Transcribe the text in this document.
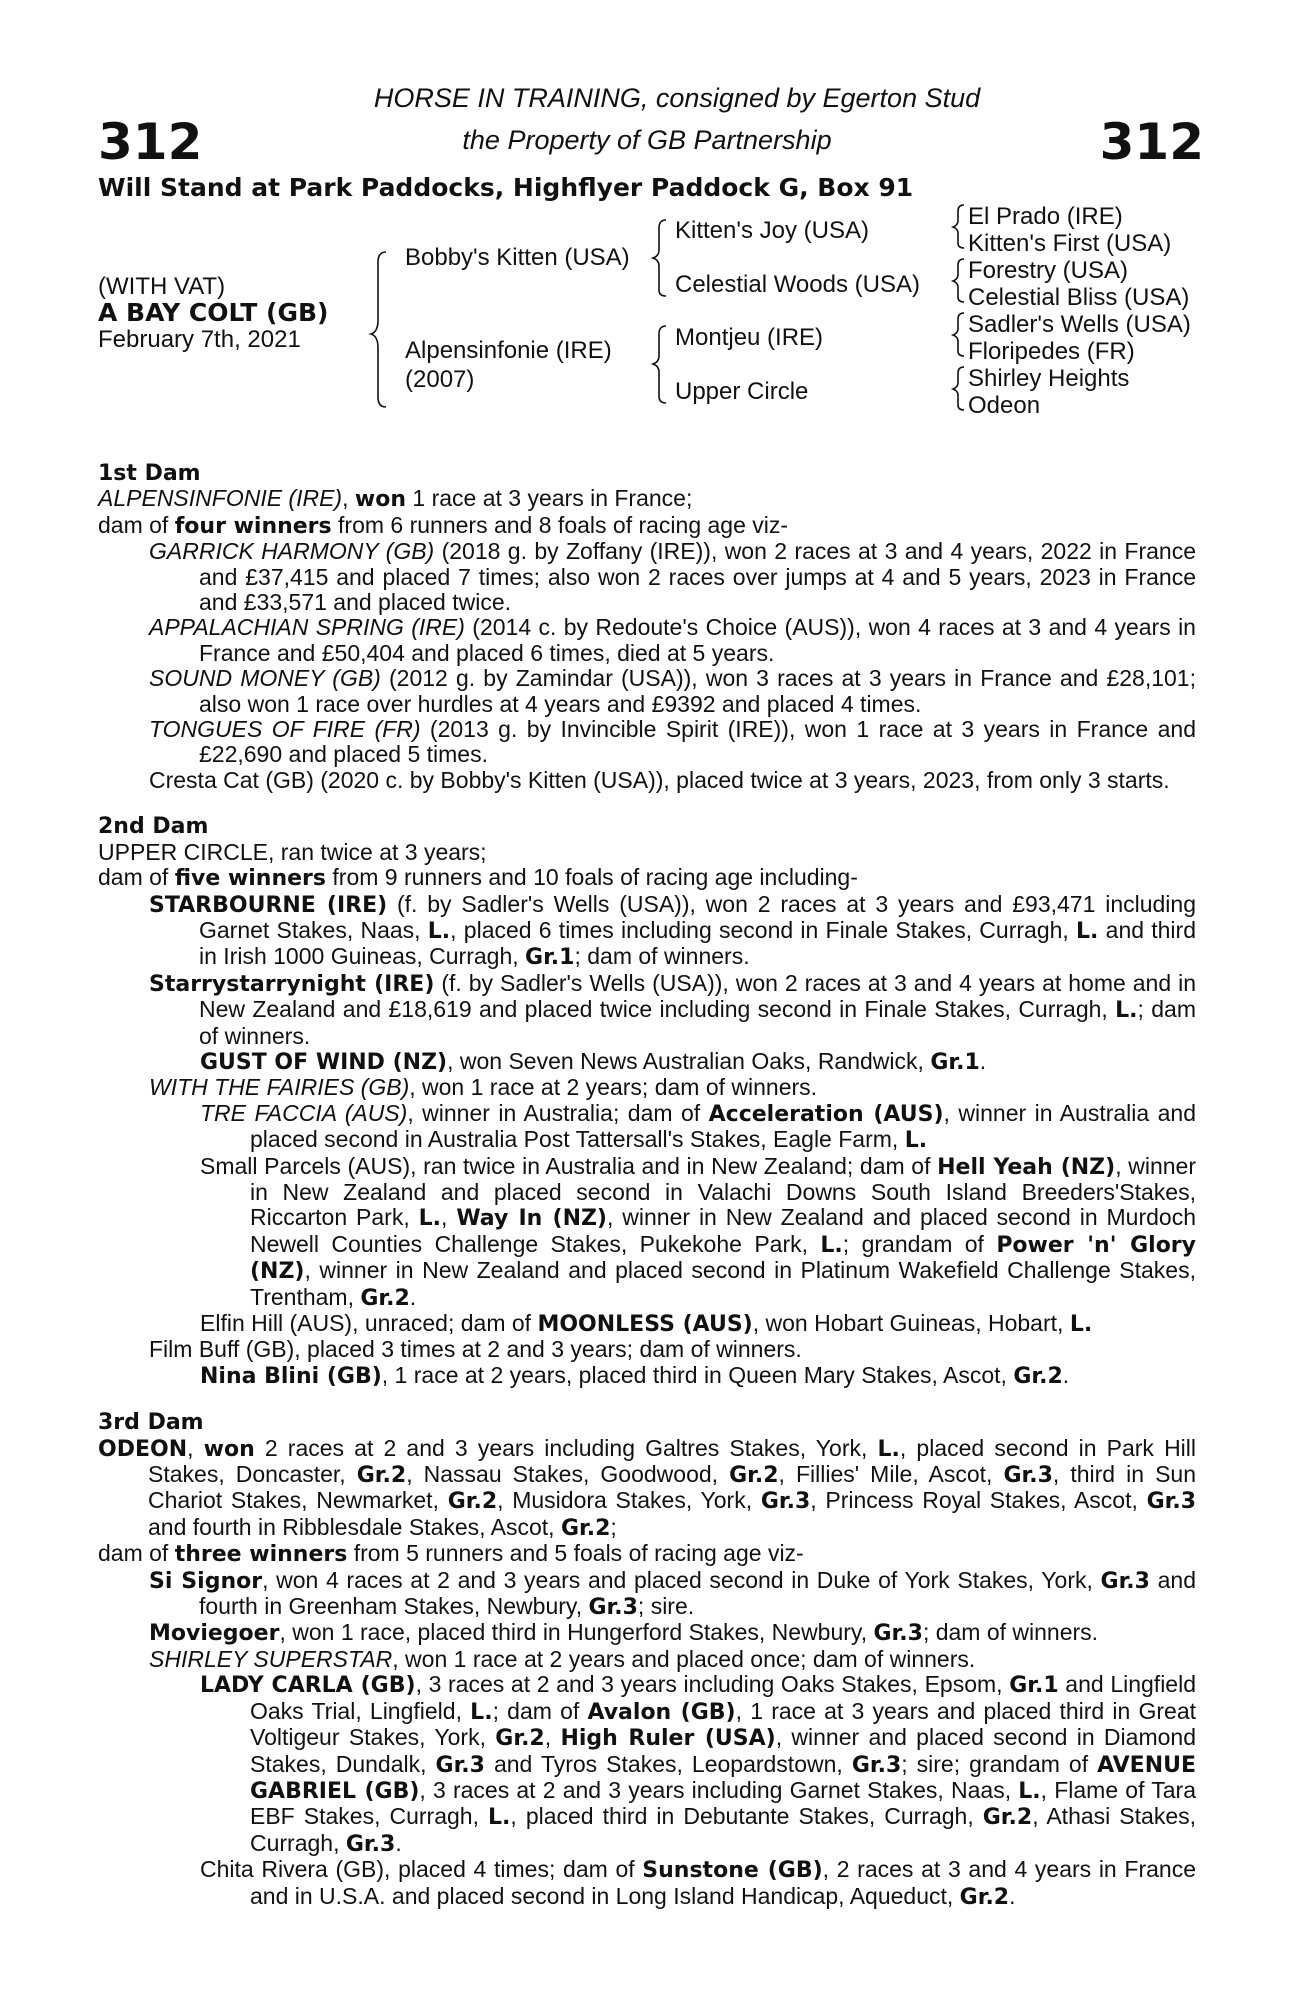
312	312
HORSE IN TRAINING, consigned by Egerton Stud
the Property of GB Partnership
Will Stand at Park Paddocks, Highflyer Paddock G, Box 91
(WITH VAT)
A BAY COLT (GB)
February 7th, 2021
Bobby's Kitten (USA)
Alpensinfonie (IRE)
(2007)
Kitten's Joy (USA)
Celestial Woods (USA)
Montjeu (IRE)
Upper Circle
El Prado (IRE)
Kitten's First (USA)
Forestry (USA)
Celestial Bliss (USA)
Sadler's Wells (USA)
Floripedes (FR)
Shirley Heights
Odeon
1st Dam
ALPENSINFONIE (IRE), won 1 race at 3 years in France;
dam of four winners from 6 runners and 8 foals of racing age viz-
GARRICK HARMONY (GB) (2018 g. by Zoffany (IRE)), won 2 races at 3 and 4 years, 2022 in France and £37,415 and placed 7 times; also won 2 races over jumps at 4 and 5 years, 2023 in France and £33,571 and placed twice.
APPALACHIAN SPRING (IRE) (2014 c. by Redoute's Choice (AUS)), won 4 races at 3 and 4 years in France and £50,404 and placed 6 times, died at 5 years.
SOUND MONEY (GB) (2012 g. by Zamindar (USA)), won 3 races at 3 years in France and £28,101; also won 1 race over hurdles at 4 years and £9392 and placed 4 times.
TONGUES OF FIRE (FR) (2013 g. by Invincible Spirit (IRE)), won 1 race at 3 years in France and £22,690 and placed 5 times.
Cresta Cat (GB) (2020 c. by Bobby's Kitten (USA)), placed twice at 3 years, 2023, from only 3 starts.
2nd Dam
UPPER CIRCLE, ran twice at 3 years;
dam of five winners from 9 runners and 10 foals of racing age including-
STARBOURNE (IRE) (f. by Sadler's Wells (USA)), won 2 races at 3 years and £93,471 including Garnet Stakes, Naas, L., placed 6 times including second in Finale Stakes, Curragh, L. and third in Irish 1000 Guineas, Curragh, Gr.1; dam of winners.
Starrystarrynight (IRE) (f. by Sadler's Wells (USA)), won 2 races at 3 and 4 years at home and in New Zealand and £18,619 and placed twice including second in Finale Stakes, Curragh, L.; dam of winners.
GUST OF WIND (NZ), won Seven News Australian Oaks, Randwick, Gr.1.
WITH THE FAIRIES (GB), won 1 race at 2 years; dam of winners.
TRE FACCIA (AUS), winner in Australia; dam of Acceleration (AUS), winner in Australia and placed second in Australia Post Tattersall's Stakes, Eagle Farm, L.
Small Parcels (AUS), ran twice in Australia and in New Zealand; dam of Hell Yeah (NZ), winner in New Zealand and placed second in Valachi Downs South Island Breeders'Stakes, Riccarton Park, L., Way In (NZ), winner in New Zealand and placed second in Murdoch Newell Counties Challenge Stakes, Pukekohe Park, L.; grandam of Power 'n' Glory (NZ), winner in New Zealand and placed second in Platinum Wakefield Challenge Stakes, Trentham, Gr.2.
Elfin Hill (AUS), unraced; dam of MOONLESS (AUS), won Hobart Guineas, Hobart, L.
Film Buff (GB), placed 3 times at 2 and 3 years; dam of winners.
Nina Blini (GB), 1 race at 2 years, placed third in Queen Mary Stakes, Ascot, Gr.2.
3rd Dam
ODEON, won 2 races at 2 and 3 years including Galtres Stakes, York, L., placed second in Park Hill Stakes, Doncaster, Gr.2, Nassau Stakes, Goodwood, Gr.2, Fillies' Mile, Ascot, Gr.3, third in Sun Chariot Stakes, Newmarket, Gr.2, Musidora Stakes, York, Gr.3, Princess Royal Stakes, Ascot, Gr.3 and fourth in Ribblesdale Stakes, Ascot, Gr.2;
dam of three winners from 5 runners and 5 foals of racing age viz-
Si Signor, won 4 races at 2 and 3 years and placed second in Duke of York Stakes, York, Gr.3 and fourth in Greenham Stakes, Newbury, Gr.3; sire.
Moviegoer, won 1 race, placed third in Hungerford Stakes, Newbury, Gr.3; dam of winners.
SHIRLEY SUPERSTAR, won 1 race at 2 years and placed once; dam of winners.
LADY CARLA (GB), 3 races at 2 and 3 years including Oaks Stakes, Epsom, Gr.1 and Lingfield Oaks Trial, Lingfield, L.; dam of Avalon (GB), 1 race at 3 years and placed third in Great Voltigeur Stakes, York, Gr.2, High Ruler (USA), winner and placed second in Diamond Stakes, Dundalk, Gr.3 and Tyros Stakes, Leopardstown, Gr.3; sire; grandam of AVENUE GABRIEL (GB), 3 races at 2 and 3 years including Garnet Stakes, Naas, L., Flame of Tara EBF Stakes, Curragh, L., placed third in Debutante Stakes, Curragh, Gr.2, Athasi Stakes, Curragh, Gr.3.
Chita Rivera (GB), placed 4 times; dam of Sunstone (GB), 2 races at 3 and 4 years in France and in U.S.A. and placed second in Long Island Handicap, Aqueduct, Gr.2.
